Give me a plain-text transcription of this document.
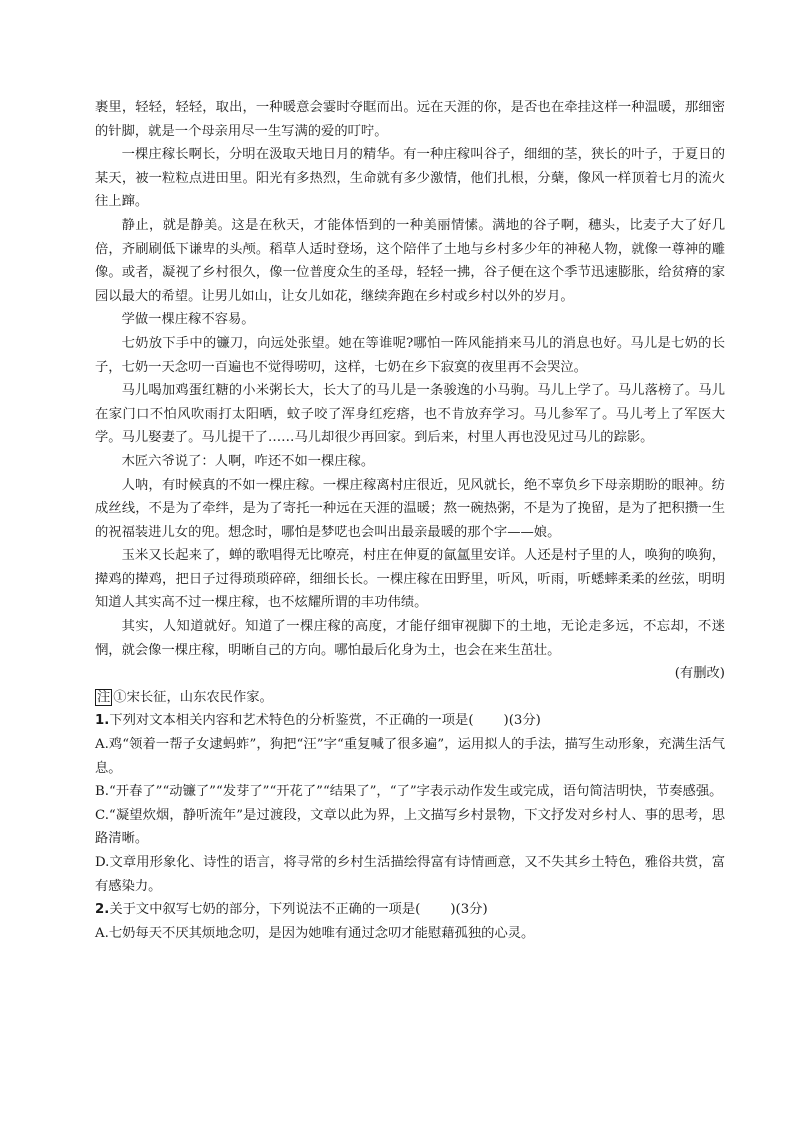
裹里，轻轻，轻轻，取出，一种暖意会霎时夺眶而出。远在天涯的你，是否也在牵挂这样一种温暖，那细密的针脚，就是一个母亲用尽一生写满的爱的叮咛。

一棵庄稼长啊长，分明在汲取天地日月的精华。有一种庄稼叫谷子，细细的茎，狭长的叶子，于夏日的某天，被一粒粒点进田里。阳光有多热烈，生命就有多少激情，他们扎根，分蘖，像风一样顶着七月的流火往上蹿。

静止，就是静美。这是在秋天，才能体悟到的一种美丽情愫。满地的谷子啊，穗头，比麦子大了好几倍，齐刷刷低下谦卑的头颅。稻草人适时登场，这个陪伴了土地与乡村多少年的神秘人物，就像一尊神的雕像。或者，凝视了乡村很久，像一位普度众生的圣母，轻轻一拂，谷子便在这个季节迅速膨胀，给贫瘠的家园以最大的希望。让男儿如山，让女儿如花，继续奔跑在乡村或乡村以外的岁月。

学做一棵庄稼不容易。

七奶放下手中的镰刀，向远处张望。她在等谁呢?哪怕一阵风能捎来马儿的消息也好。马儿是七奶的长子，七奶一天念叨一百遍也不觉得唠叨，这样，七奶在乡下寂寞的夜里再不会哭泣。

马儿喝加鸡蛋红糖的小米粥长大，长大了的马儿是一条骏逸的小马驹。马儿上学了。马儿落榜了。马儿在家门口不怕风吹雨打太阳晒，蚊子咬了浑身红疙瘩，也不肯放弃学习。马儿参军了。马儿考上了军医大学。马儿娶妻了。马儿提干了……马儿却很少再回家。到后来，村里人再也没见过马儿的踪影。

木匠六爷说了：人啊，咋还不如一棵庄稼。

人呐，有时候真的不如一棵庄稼。一棵庄稼离村庄很近，见风就长，绝不辜负乡下母亲期盼的眼神。纺成丝线，不是为了牵绊，是为了寄托一种远在天涯的温暖；熬一碗热粥，不是为了挽留，是为了把积攒一生的祝福装进儿女的兜。想念时，哪怕是梦呓也会叫出最亲最暖的那个字——娘。

玉米又长起来了，蝉的歌唱得无比嘹亮，村庄在伸夏的氤氲里安详。人还是村子里的人，唤狗的唤狗，撵鸡的撵鸡，把日子过得琐琐碎碎，细细长长。一棵庄稼在田野里，听风，听雨，听蟋蟀柔柔的丝弦，明明知道人其实高不过一棵庄稼，也不炫耀所谓的丰功伟绩。

其实，人知道就好。知道了一棵庄稼的高度，才能仔细审视脚下的土地，无论走多远，不忘却，不迷惘，就会像一棵庄稼，明晰自己的方向。哪怕最后化身为土，也会在来生茁壮。

(有删改)

注 ①宋长征，山东农民作家。

1.下列对文本相关内容和艺术特色的分析鉴赏，不正确的一项是( )(3分)

A.鸡“领着一帮子女逮蚂蚱”，狗把“汪”字“重复喊了很多遍”，运用拟人的手法，描写生动形象，充满生活气息。

B.“开春了”“动镰了”“发芽了”“开花了”“结果了”，“了”字表示动作发生或完成，语句简洁明快，节奏感强。

C.“凝望炊烟，静听流年”是过渡段，文章以此为界，上文描写乡村景物，下文抒发对乡村人、事的思考，思路清晰。

D.文章用形象化、诗性的语言，将寻常的乡村生活描绘得富有诗情画意，又不失其乡土特色，雅俗共赏，富有感染力。

2.关于文中叙写七奶的部分，下列说法不正确的一项是( )(3分)

A.七奶每天不厌其烦地念叨，是因为她唯有通过念叨才能慰藉孤独的心灵。
